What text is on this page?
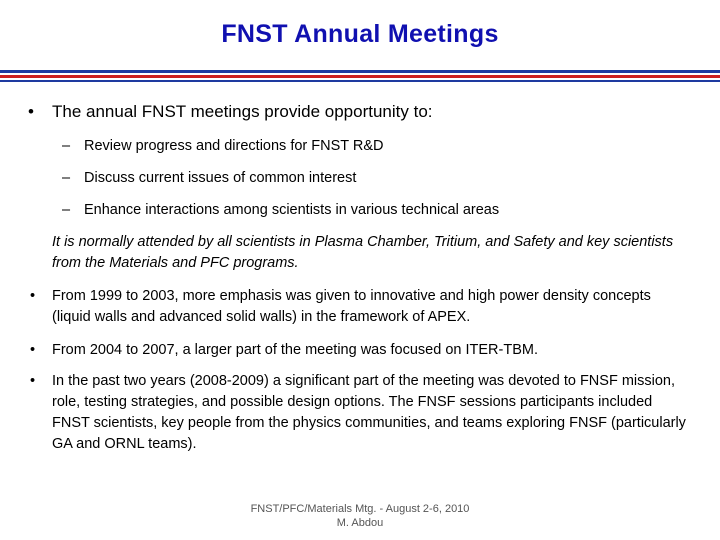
FNST Annual Meetings
• The annual FNST meetings provide opportunity to:
– Review progress and directions for FNST R&D
– Discuss current issues of common interest
– Enhance interactions among scientists in various technical areas
It is normally attended by all scientists in Plasma Chamber, Tritium, and Safety and key scientists from the Materials and PFC programs.
• From 1999 to 2003, more emphasis was given to innovative and high power density concepts (liquid walls and advanced solid walls) in the framework of APEX.
• From 2004 to 2007, a larger part of the meeting was focused on ITER-TBM.
• In the past two years (2008-2009) a significant part of the meeting was devoted to FNSF mission, role, testing strategies, and possible design options. The FNSF sessions participants included FNST scientists, key people from the physics communities, and teams exploring FNSF (particularly GA and ORNL teams).
FNST/PFC/Materials Mtg. - August 2-6, 2010
M. Abdou
